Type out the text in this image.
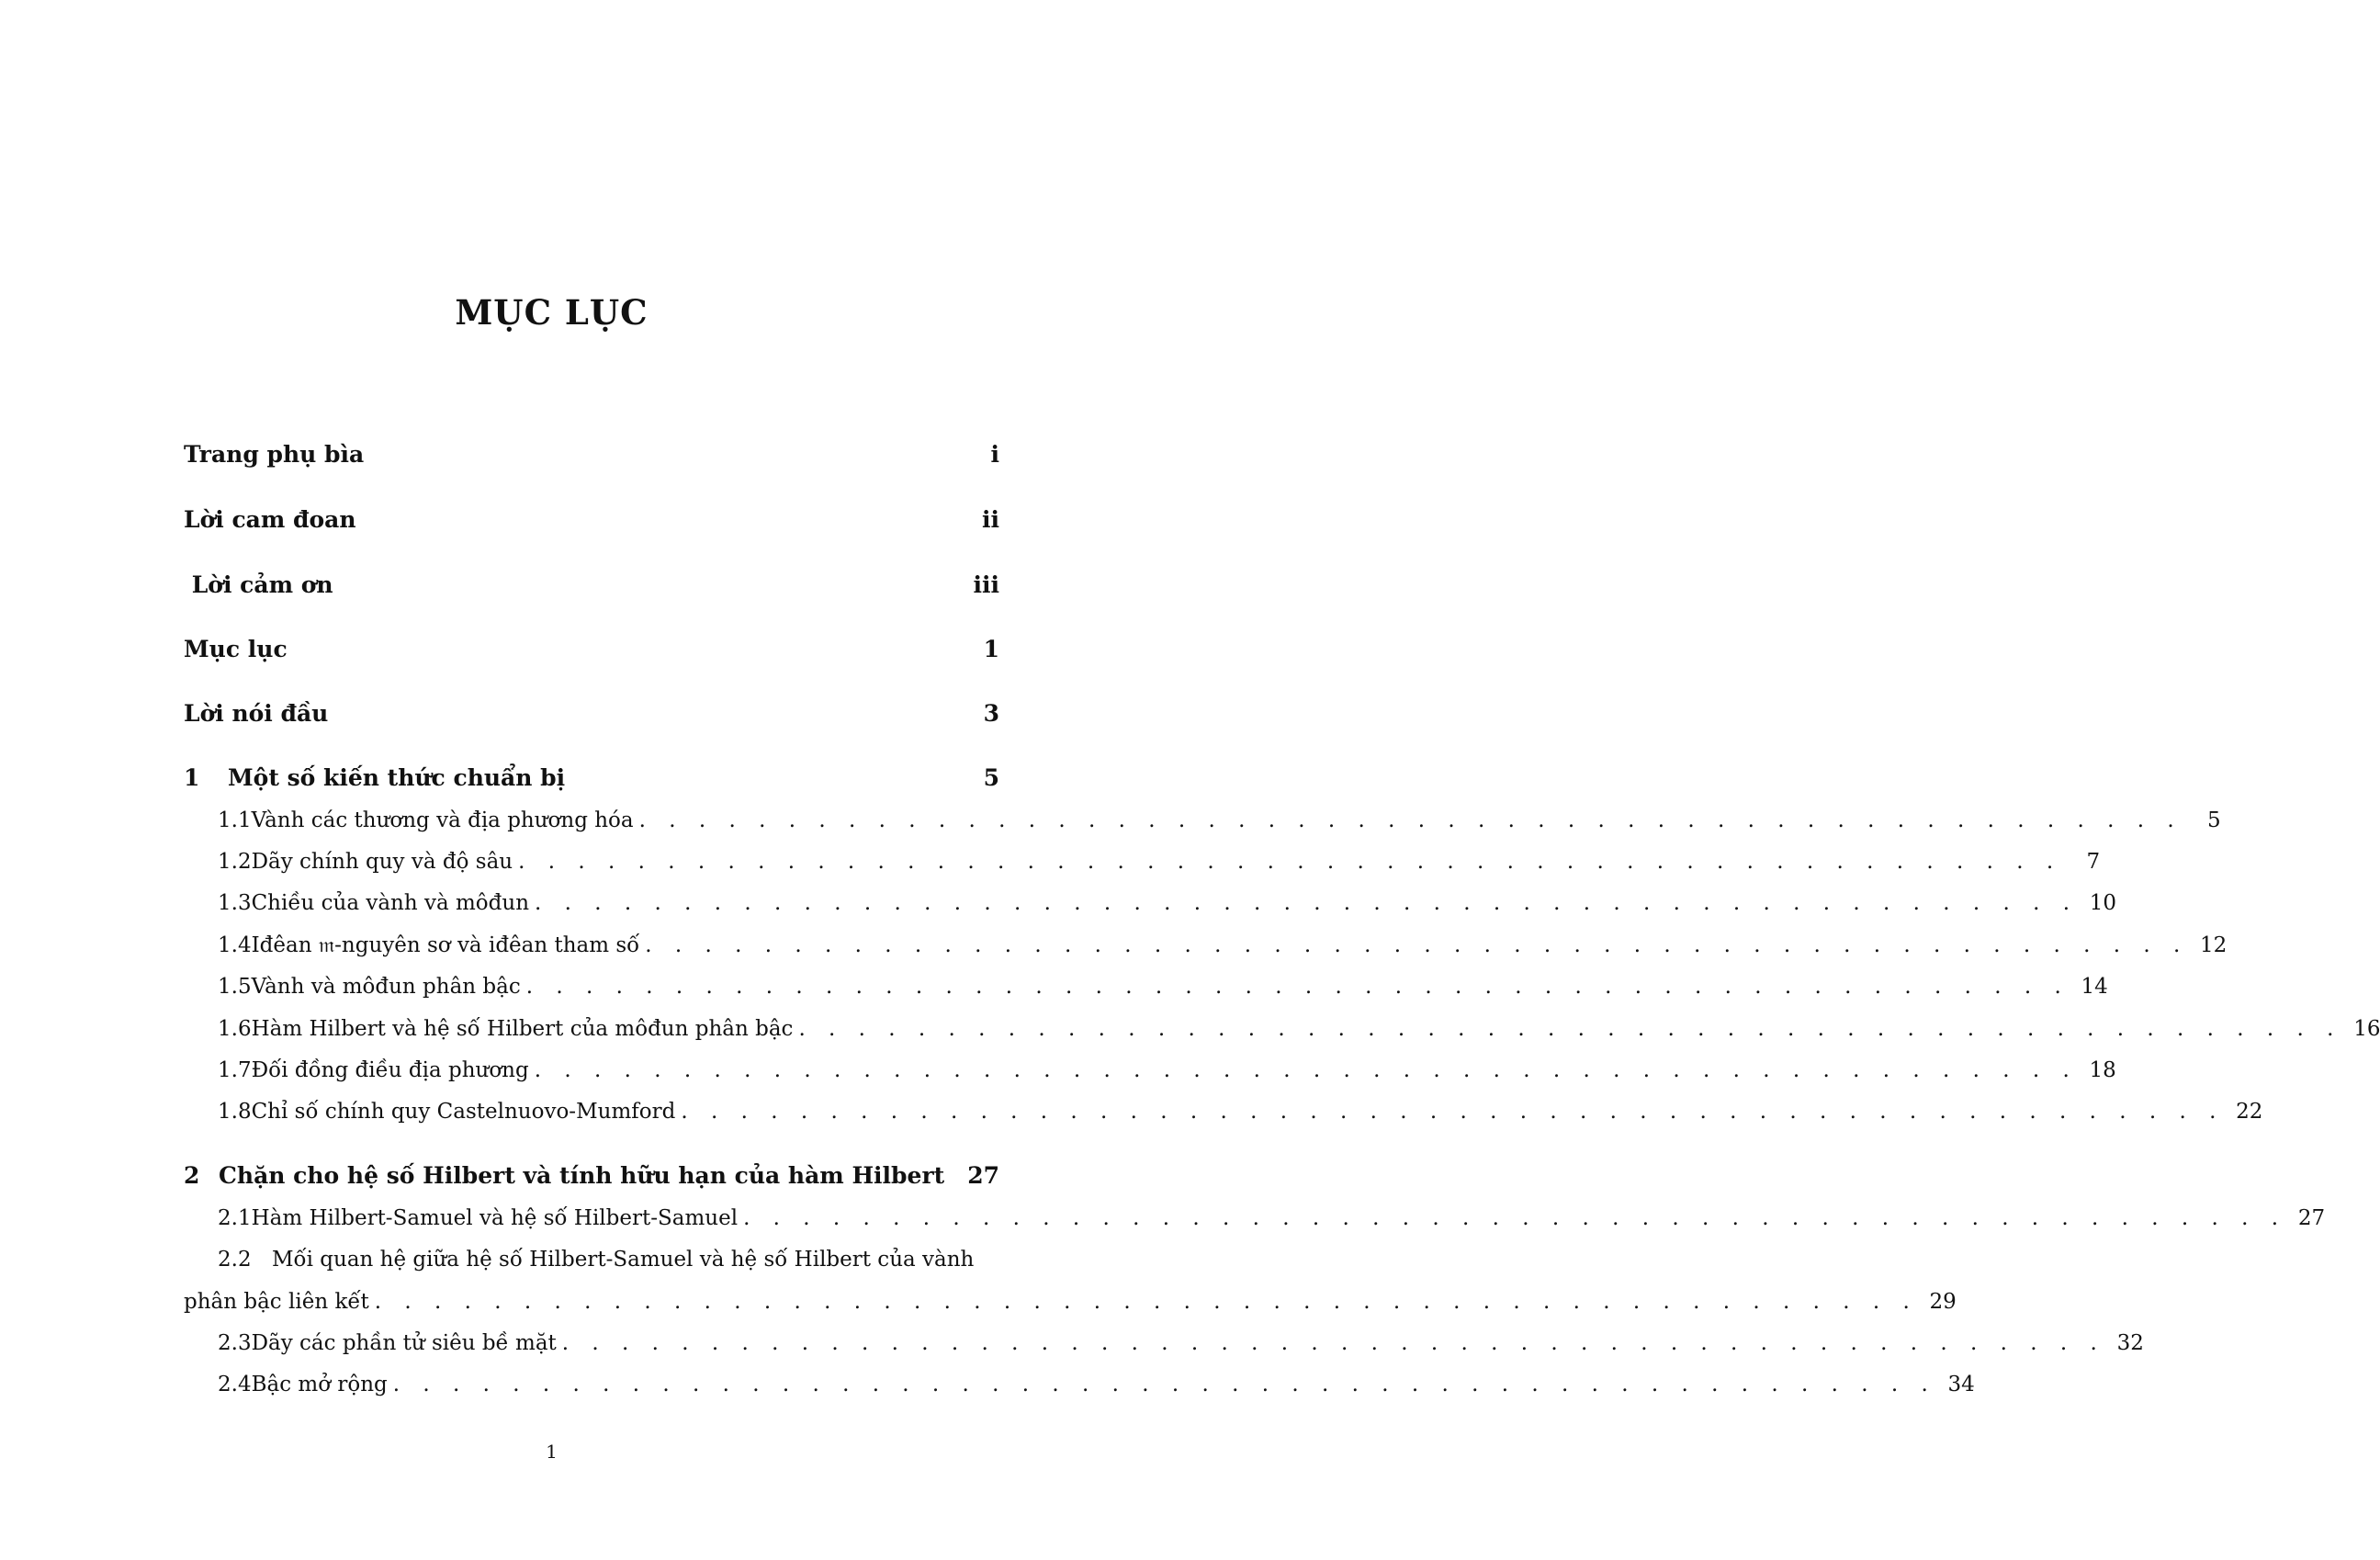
MỤC LỤC
Trang phụ bìa	i
Lời cam đoan	ii
Lời cảm ơn	iii
Mục lục	1
Lời nói đầu	3
1	Một số kiến thức chuẩn bị	5
1.1 Vành các thương và địa phương hóa . . . . . . . . . . . . . . . . . . . . . . . . . . . . . . . . . . . . . . . . . . . . . . . . . . . .	5
1.2 Dãy chính quy và độ sâu . . . . . . . . . . . . . . . . . . . . . . . . . . . . . . . . . . . . . . . . . . . . . . . . . . . .	7
1.3 Chiều của vành và môđun . . . . . . . . . . . . . . . . . . . . . . . . . . . . . . . . . . . . . . . . . . . . . . . . . . . . 10
1.4 Iđêan 𝔪-nguyên sơ và iđêan tham số . . . . . . . . . . . . . . . . . . . . . . . . . . . . . . . . . . . . . . . . . . . . . . . . . . . . 12
1.5 Vành và môđun phân bậc . . . . . . . . . . . . . . . . . . . . . . . . . . . . . . . . . . . . . . . . . . . . . . . . . . . . 14
1.6 Hàm Hilbert và hệ số Hilbert của môđun phân bậc . . . . . . . . . . . . . . . . . . . . . . . . . . . . . . . . . . . . . . . . . . . . . . . . . . . . 16
1.7 Đối đồng điều địa phương . . . . . . . . . . . . . . . . . . . . . . . . . . . . . . . . . . . . . . . . . . . . . . . . . . . . 18
1.8 Chỉ số chính quy Castelnuovo-Mumford . . . . . . . . . . . . . . . . . . . . . . . . . . . . . . . . . . . . . . . . . . . . . . . . . . . . 22
2 Chặn cho hệ số Hilbert và tính hữu hạn của hàm Hilbert 27
2.1 Hàm Hilbert-Samuel và hệ số Hilbert-Samuel . . . . . . . . . . . . . . . . . . . . . . . . . . . . . . . . . . . . . . . . . . . . . . . . . . . . 27
2.2 Mối quan hệ giữa hệ số Hilbert-Samuel và hệ số Hilbert của vành
phân bậc liên kết . . . . . . . . . . . . . . . . . . . . . . . . . . . . . . . . . . . . . . . . . . . . . . . . . . . . 29
2.3 Dãy các phần tử siêu bề mặt . . . . . . . . . . . . . . . . . . . . . . . . . . . . . . . . . . . . . . . . . . . . . . . . . . . . 32
2.4 Bậc mở rộng . . . . . . . . . . . . . . . . . . . . . . . . . . . . . . . . . . . . . . . . . . . . . . . . . . . . 34
1
